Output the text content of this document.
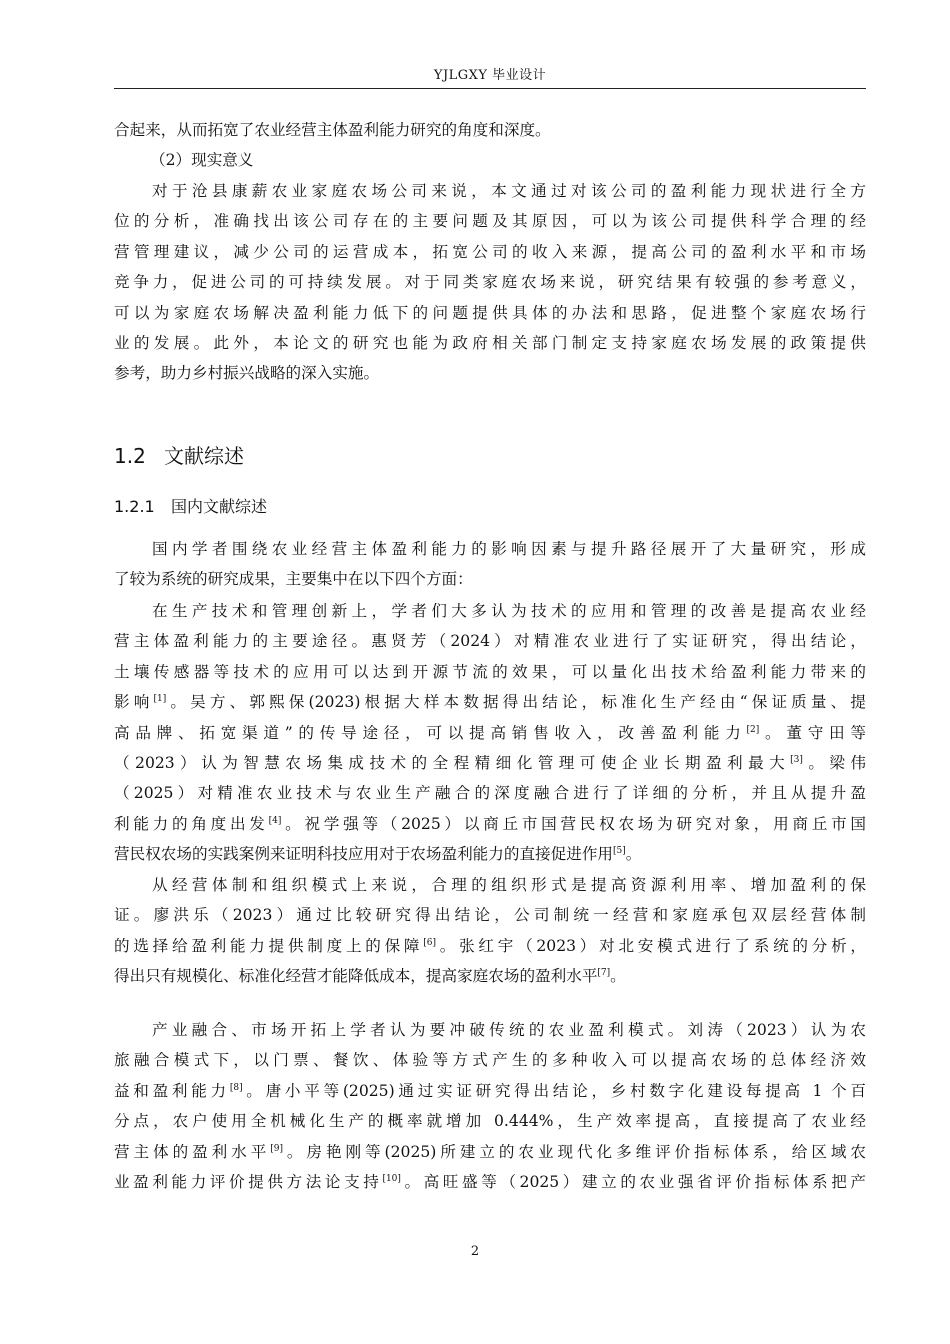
YJLGXY 毕业设计
合起来，从而拓宽了农业经营主体盈利能力研究的角度和深度。
（2）现实意义
对于沧县康薪农业家庭农场公司来说，本文通过对该公司的盈利能力现状进行全方
位的分析，准确找出该公司存在的主要问题及其原因，可以为该公司提供科学合理的经
营管理建议，减少公司的运营成本，拓宽公司的收入来源，提高公司的盈利水平和市场
竞争力，促进公司的可持续发展。对于同类家庭农场来说，研究结果有较强的参考意义，
可以为家庭农场解决盈利能力低下的问题提供具体的办法和思路，促进整个家庭农场行
业的发展。此外，本论文的研究也能为政府相关部门制定支持家庭农场发展的政策提供
参考，助力乡村振兴战略的深入实施。
1.2 文献综述
1.2.1 国内文献综述
国内学者围绕农业经营主体盈利能力的影响因素与提升路径展开了大量研究，形成
了较为系统的研究成果，主要集中在以下四个方面：
在生产技术和管理创新上，学者们大多认为技术的应用和管理的改善是提高农业经
营主体盈利能力的主要途径。惠贤芳（2024）对精准农业进行了实证研究，得出结论，
土壤传感器等技术的应用可以达到开源节流的效果，可以量化出技术给盈利能力带来的
影响[1]。吴方、郭熙保(2023)根据大样本数据得出结论，标准化生产经由“保证质量、提
高品牌、拓宽渠道”的传导途径，可以提高销售收入，改善盈利能力[2]。董守田等
（2023）认为智慧农场集成技术的全程精细化管理可使企业长期盈利最大[3]。梁伟
（2025）对精准农业技术与农业生产融合的深度融合进行了详细的分析，并且从提升盈
利能力的角度出发[4]。祝学强等（2025）以商丘市国营民权农场为研究对象，用商丘市国
营民权农场的实践案例来证明科技应用对于农场盈利能力的直接促进作用[5]。
从经营体制和组织模式上来说，合理的组织形式是提高资源利用率、增加盈利的保
证。廖洪乐（2023）通过比较研究得出结论，公司制统一经营和家庭承包双层经营体制
的选择给盈利能力提供制度上的保障[6]。张红宇（2023）对北安模式进行了系统的分析，
得出只有规模化、标准化经营才能降低成本，提高家庭农场的盈利水平[7]。
产业融合、市场开拓上学者认为要冲破传统的农业盈利模式。刘涛（2023）认为农
旅融合模式下，以门票、餐饮、体验等方式产生的多种收入可以提高农场的总体经济效
益和盈利能力[8]。唐小平等(2025)通过实证研究得出结论，乡村数字化建设每提高 1 个百
分点，农户使用全机械化生产的概率就增加 0.444%，生产效率提高，直接提高了农业经
营主体的盈利水平[9]。房艳刚等(2025)所建立的农业现代化多维评价指标体系，给区域农
业盈利能力评价提供方法论支持[10]。高旺盛等（2025）建立的农业强省评价指标体系把产
2
